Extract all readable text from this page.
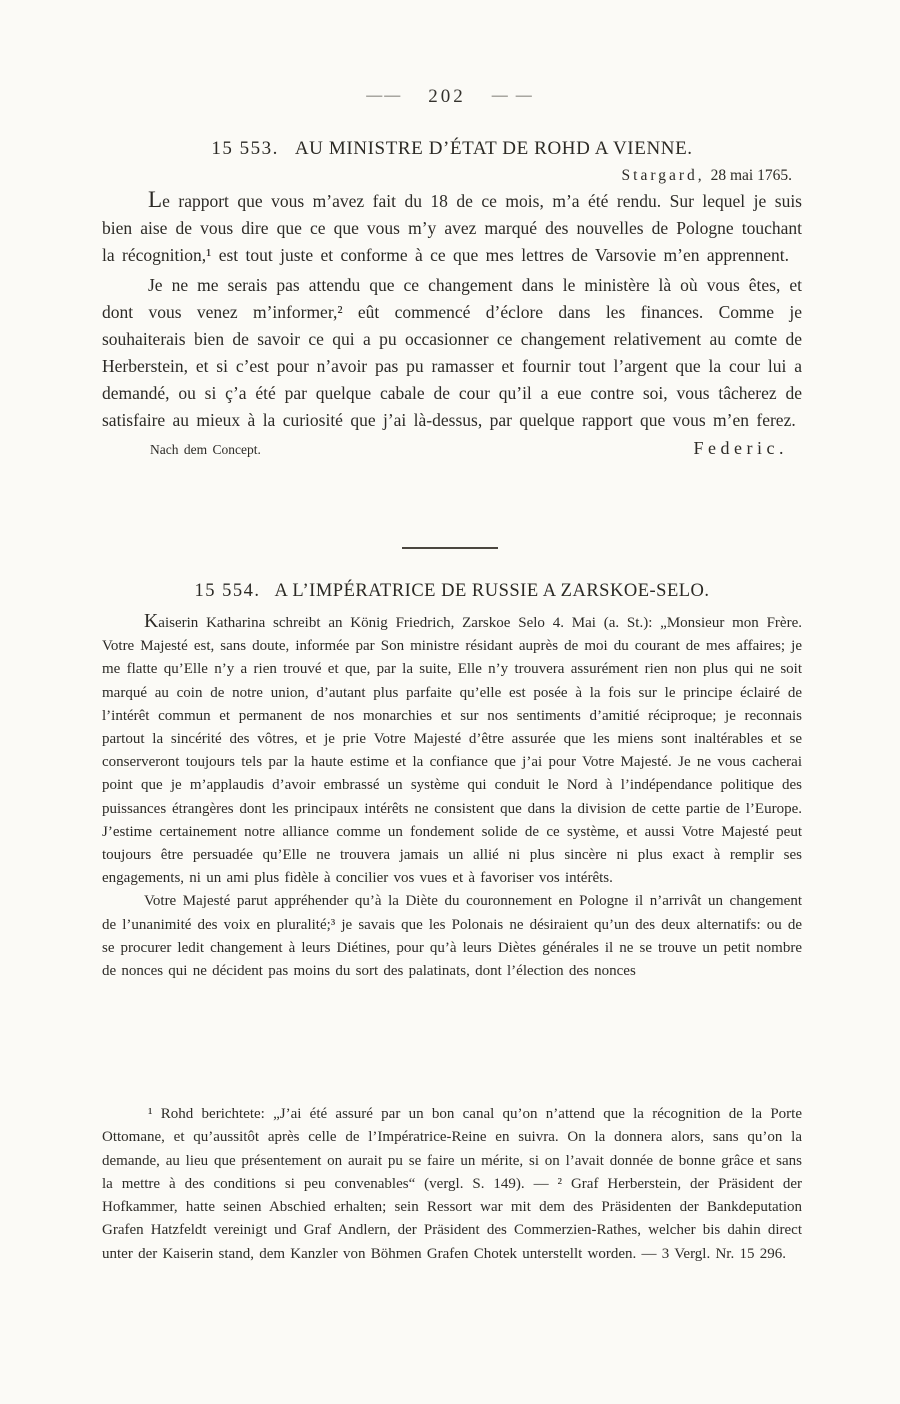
—— 202 — —
15 553. AU MINISTRE D’ÉTAT DE ROHD A VIENNE.
Stargard, 28 mai 1765.

Le rapport que vous m’avez fait du 18 de ce mois, m’a été rendu. Sur lequel je suis bien aise de vous dire que ce que vous m’y avez marqué des nouvelles de Pologne touchant la récognition,¹ est tout juste et conforme à ce que mes lettres de Varsovie m’en apprennent.

Je ne me serais pas attendu que ce changement dans le ministère là où vous êtes, et dont vous venez m’informer,² eût commencé d’éclore dans les finances. Comme je souhaiterais bien de savoir ce qui a pu occasionner ce changement relativement au comte de Herberstein, et si c’est pour n’avoir pas pu ramasser et fournir tout l’argent que la cour lui a demandé, ou si ç’a été par quelque cabale de cour qu’il a eue contre soi, vous tâcherez de satisfaire au mieux à la curiosité que j’ai là-dessus, par quelque rapport que vous m’en ferez.

Nach dem Concept.	Federic.
15 554. A L’IMPÉRATRICE DE RUSSIE A ZARSKOE-SELO.

Kaiserin Katharina schreibt an König Friedrich, Zarskoe Selo 4. Mai (a. St.): „Monsieur mon Frère. Votre Majesté est, sans doute, informée par Son ministre résidant auprès de moi du courant de mes affaires; je me flatte qu’Elle n’y a rien trouvé et que, par la suite, Elle n’y trouvera assurément rien non plus qui ne soit marqué au coin de notre union, d’autant plus parfaite qu’elle est posée à la fois sur le principe éclairé de l’intérêt commun et permanent de nos monarchies et sur nos sentiments d’amitié réciproque; je reconnais partout la sincérité des vôtres, et je prie Votre Majesté d’être assurée que les miens sont inaltérables et se conserveront toujours tels par la haute estime et la confiance que j’ai pour Votre Majesté. Je ne vous cacherai point que je m’applaudis d’avoir embrassé un système qui conduit le Nord à l’indépendance politique des puissances étrangères dont les principaux intérêts ne consistent que dans la division de cette partie de l’Europe. J’estime certainement notre alliance comme un fondement solide de ce système, et aussi Votre Majesté peut toujours être persuadée qu’Elle ne trouvera jamais un allié ni plus sincère ni plus exact à remplir ses engagements, ni un ami plus fidèle à concilier vos vues et à favoriser vos intérêts.

Votre Majesté parut appréhender qu’à la Diète du couronnement en Pologne il n’arrivât un changement de l’unanimité des voix en pluralité;³ je savais que les Polonais ne désiraient qu’un des deux alternatifs: ou de se procurer ledit changement à leurs Diétines, pour qu’à leurs Diètes générales il ne se trouve un petit nombre de nonces qui ne décident pas moins du sort des palatinats, dont l’élection des nonces

¹ Rohd berichtete: „J’ai été assuré par un bon canal qu’on n’attend que la récognition de la Porte Ottomane, et qu’aussitôt après celle de l’Impératrice-Reine en suivra. On la donnera alors, sans qu’on la demande, au lieu que présentement on aurait pu se faire un mérite, si on l’avait donnée de bonne grâce et sans la mettre à des conditions si peu convenables“ (vergl. S. 149). — ² Graf Herberstein, der Präsident der Hofkammer, hatte seinen Abschied erhalten; sein Ressort war mit dem des Präsidenten der Bankdeputation Grafen Hatzfeldt vereinigt und Graf Andlern, der Präsident des Commerzien-Rathes, welcher bis dahin direct unter der Kaiserin stand, dem Kanzler von Böhmen Grafen Chotek unterstellt worden. — 3 Vergl. Nr. 15 296.
